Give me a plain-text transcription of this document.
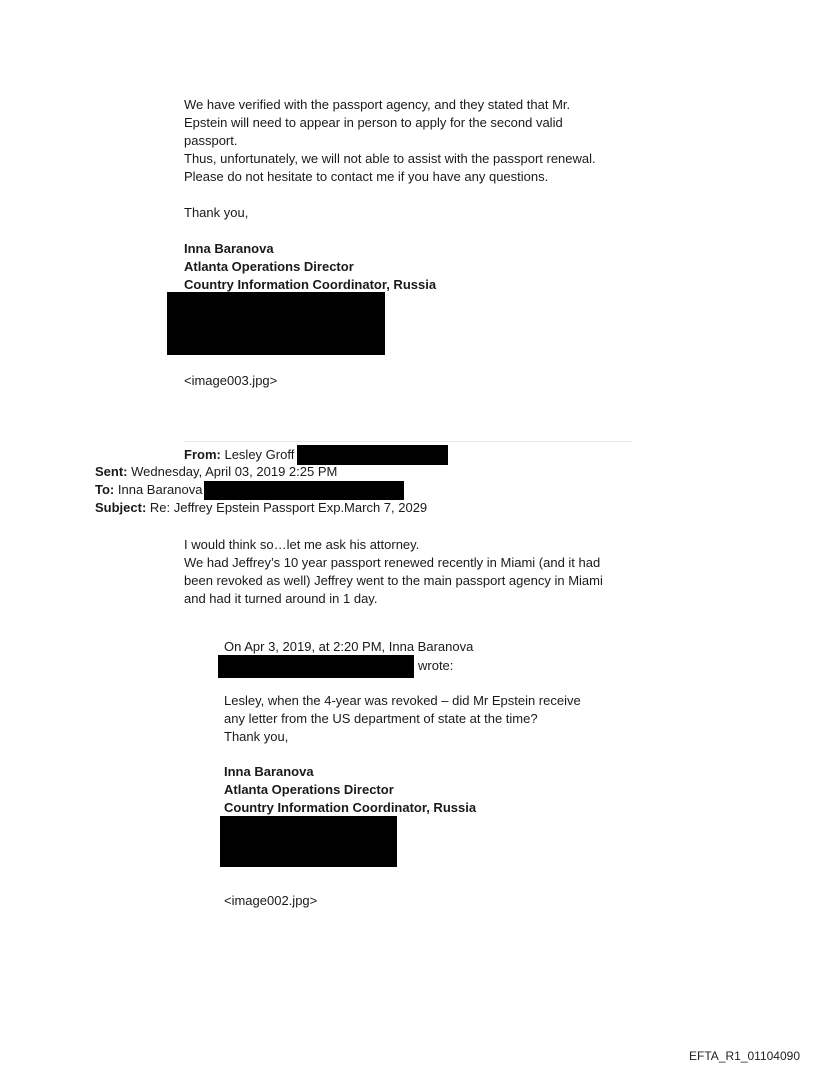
We have verified with the passport agency, and they stated that Mr.
Epstein will need to appear in person to apply for the second valid
passport.
Thus, unfortunately, we will not able to assist with the passport renewal.
Please do not hesitate to contact me if you have any questions.
Thank you,
Inna Baranova
Atlanta Operations Director
Country Information Coordinator, Russia
<image003.jpg>
From: Lesley Groff
Sent: Wednesday, April 03, 2019 2:25 PM
To: Inna Baranova
Subject: Re: Jeffrey Epstein Passport Exp.March 7, 2029
I would think so…let me ask his attorney.
We had Jeffrey’s 10 year passport renewed recently in Miami (and it had
been revoked as well) Jeffrey went to the main passport agency in Miami
and had it turned around in 1 day.
On Apr 3, 2019, at 2:20 PM, Inna Baranova
wrote:
Lesley, when the 4-year was revoked – did Mr Epstein receive
any letter from the US department of state at the time?
Thank you,
Inna Baranova
Atlanta Operations Director
Country Information Coordinator, Russia
<image002.jpg>
EFTA_R1_01104090
